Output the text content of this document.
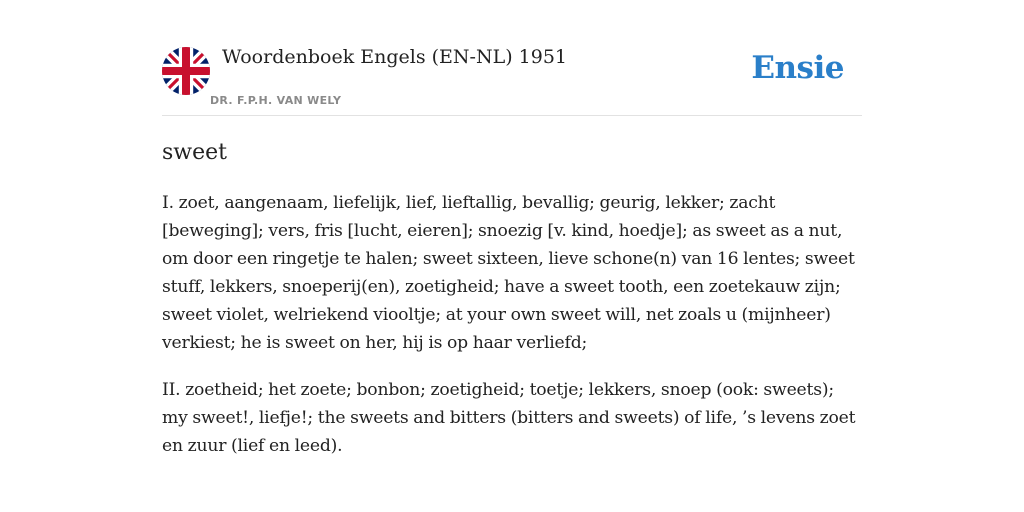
Woordenboek Engels (EN-NL) 1951
DR. F.P.H. VAN WELY
Ensie
sweet

I. zoet, aangenaam, liefelijk, lief, lieftallig, bevallig; geurig, lekker; zacht [beweging]; vers, fris [lucht, eieren]; snoezig [v. kind, hoedje]; as sweet as a nut, om door een ringetje te halen; sweet sixteen, lieve schone(n) van 16 lentes; sweet stuff, lekkers, snoeperij(en), zoetigheid; have a sweet tooth, een zoetekauw zijn; sweet violet, welriekend viooltje; at your own sweet will, net zoals u (mijnheer) verkiest; he is sweet on her, hij is op haar verliefd;

II. zoetheid; het zoete; bonbon; zoetigheid; toetje; lekkers, snoep (ook: sweets); my sweet!, liefje!; the sweets and bitters (bitters and sweets) of life, ’s levens zoet en zuur (lief en leed).
